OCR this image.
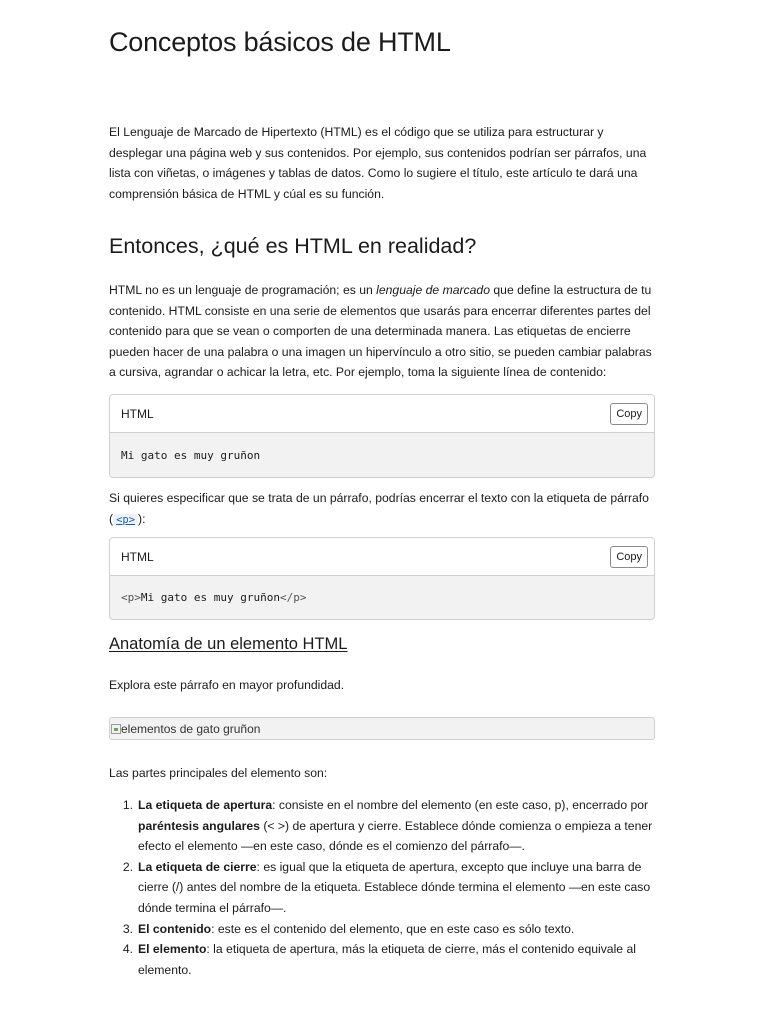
Conceptos básicos de HTML

El Lenguaje de Marcado de Hipertexto (HTML) es el código que se utiliza para estructurar y desplegar una página web y sus contenidos. Por ejemplo, sus contenidos podrían ser párrafos, una lista con viñetas, o imágenes y tablas de datos. Como lo sugiere el título, este artículo te dará una comprensión básica de HTML y cúal es su función.

Entonces, ¿qué es HTML en realidad?

HTML no es un lenguaje de programación; es un lenguaje de marcado que define la estructura de tu contenido. HTML consiste en una serie de elementos que usarás para encerrar diferentes partes del contenido para que se vean o comporten de una determinada manera. Las etiquetas de encierre pueden hacer de una palabra o una imagen un hipervínculo a otro sitio, se pueden cambiar palabras a cursiva, agrandar o achicar la letra, etc. Por ejemplo, toma la siguiente línea de contenido:

HTML	Copy
Mi gato es muy gruñon

Si quieres especificar que se trata de un párrafo, podrías encerrar el texto con la etiqueta de párrafo ( <p> ):

HTML	Copy
<p> Mi gato es muy gruñon </p>
Anatomía de un elemento HTML

Explora este párrafo en mayor profundidad.

elementos de gato gruñon

Las partes principales del elemento son:

1. La etiqueta de apertura: consiste en el nombre del elemento (en este caso, p), encerrado por paréntesis angulares (< >) de apertura y cierre. Establece dónde comienza o empieza a tener efecto el elemento —en este caso, dónde es el comienzo del párrafo—.
2. La etiqueta de cierre: es igual que la etiqueta de apertura, excepto que incluye una barra de cierre (/) antes del nombre de la etiqueta. Establece dónde termina el elemento —en este caso dónde termina el párrafo—.
3. El contenido: este es el contenido del elemento, que en este caso es sólo texto.
4. El elemento: la etiqueta de apertura, más la etiqueta de cierre, más el contenido equivale al elemento.
